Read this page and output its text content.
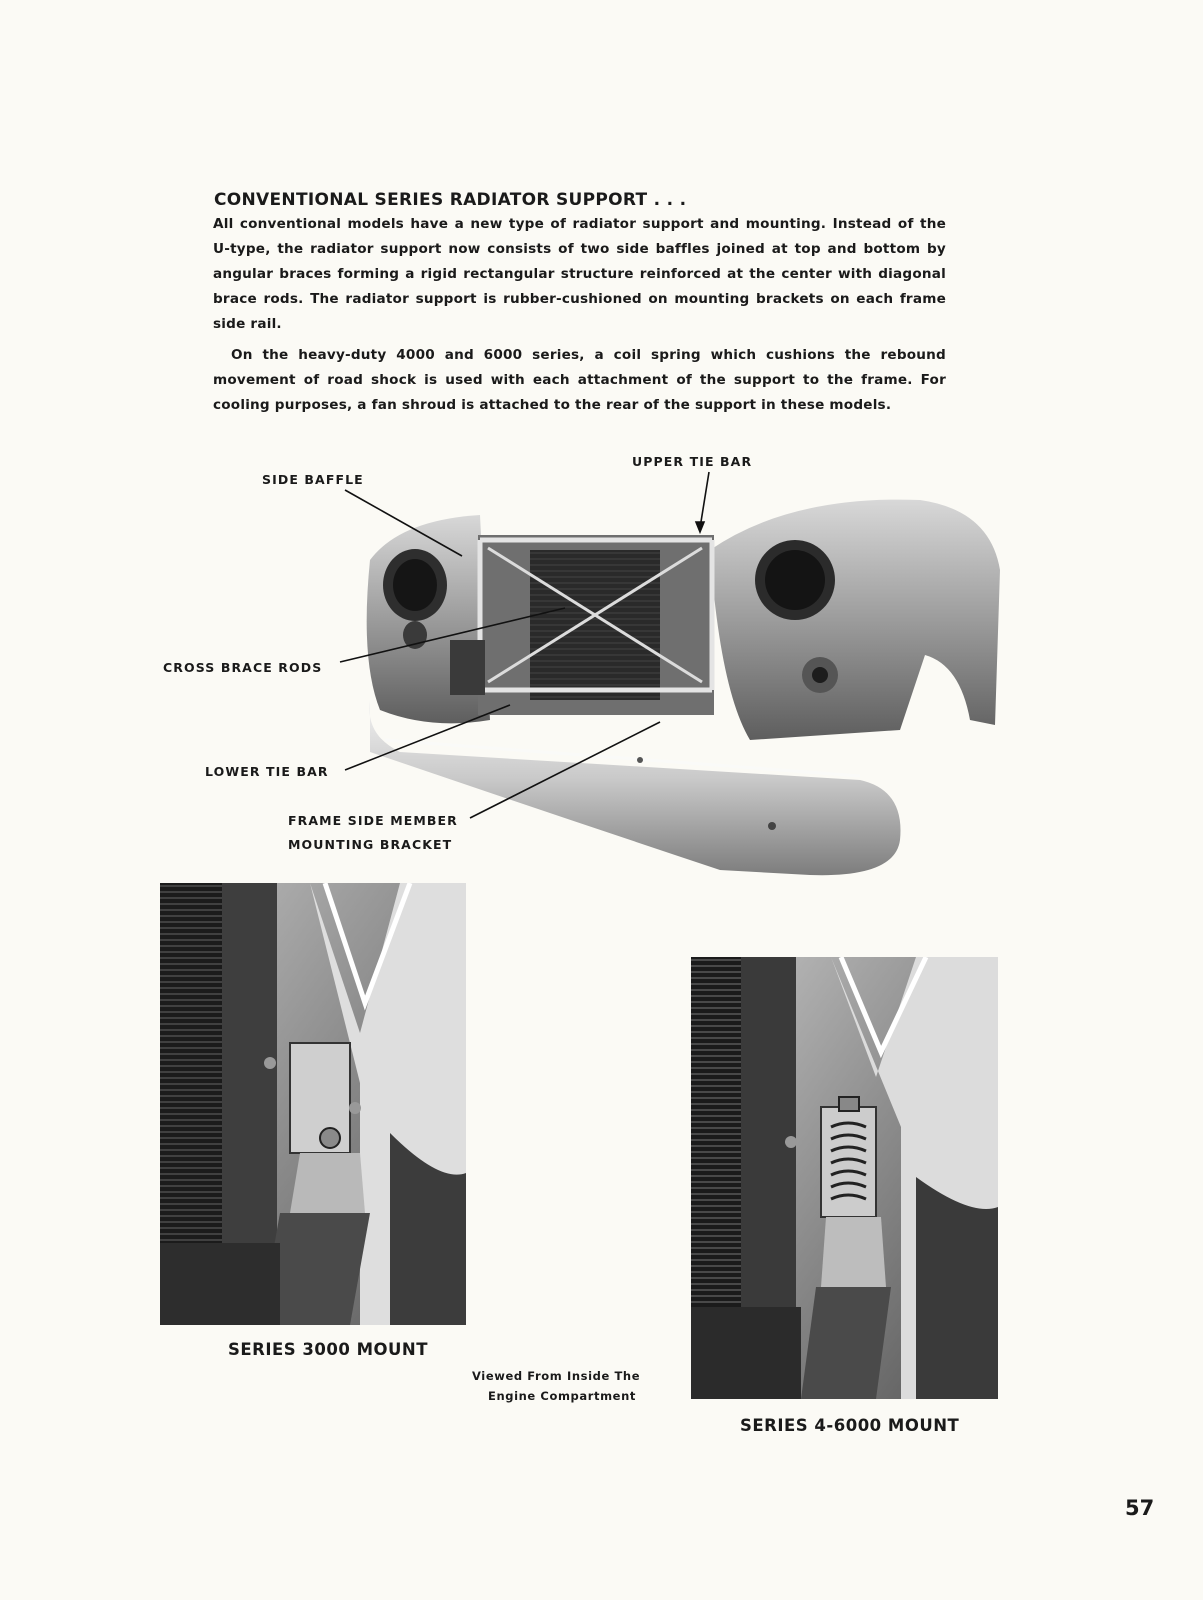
CONVENTIONAL SERIES RADIATOR SUPPORT . . .

All conventional models have a new type of radiator support and mounting. Instead of the U-type, the radiator support now consists of two side baffles joined at top and bottom by angular braces forming a rigid rectangular structure reinforced at the center with diagonal brace rods. The radiator support is rubber-cushioned on mounting brackets on each frame side rail.

On the heavy-duty 4000 and 6000 series, a coil spring which cushions the rebound movement of road shock is used with each attachment of the support to the frame. For cooling purposes, a fan shroud is attached to the rear of the support in these models.

UPPER TIE BAR
SIDE BAFFLE
CROSS BRACE RODS
LOWER TIE BAR
FRAME SIDE MEMBER
MOUNTING BRACKET
SERIES 3000 MOUNT
Viewed From Inside The
Engine Compartment
SERIES 4-6000 MOUNT
57
